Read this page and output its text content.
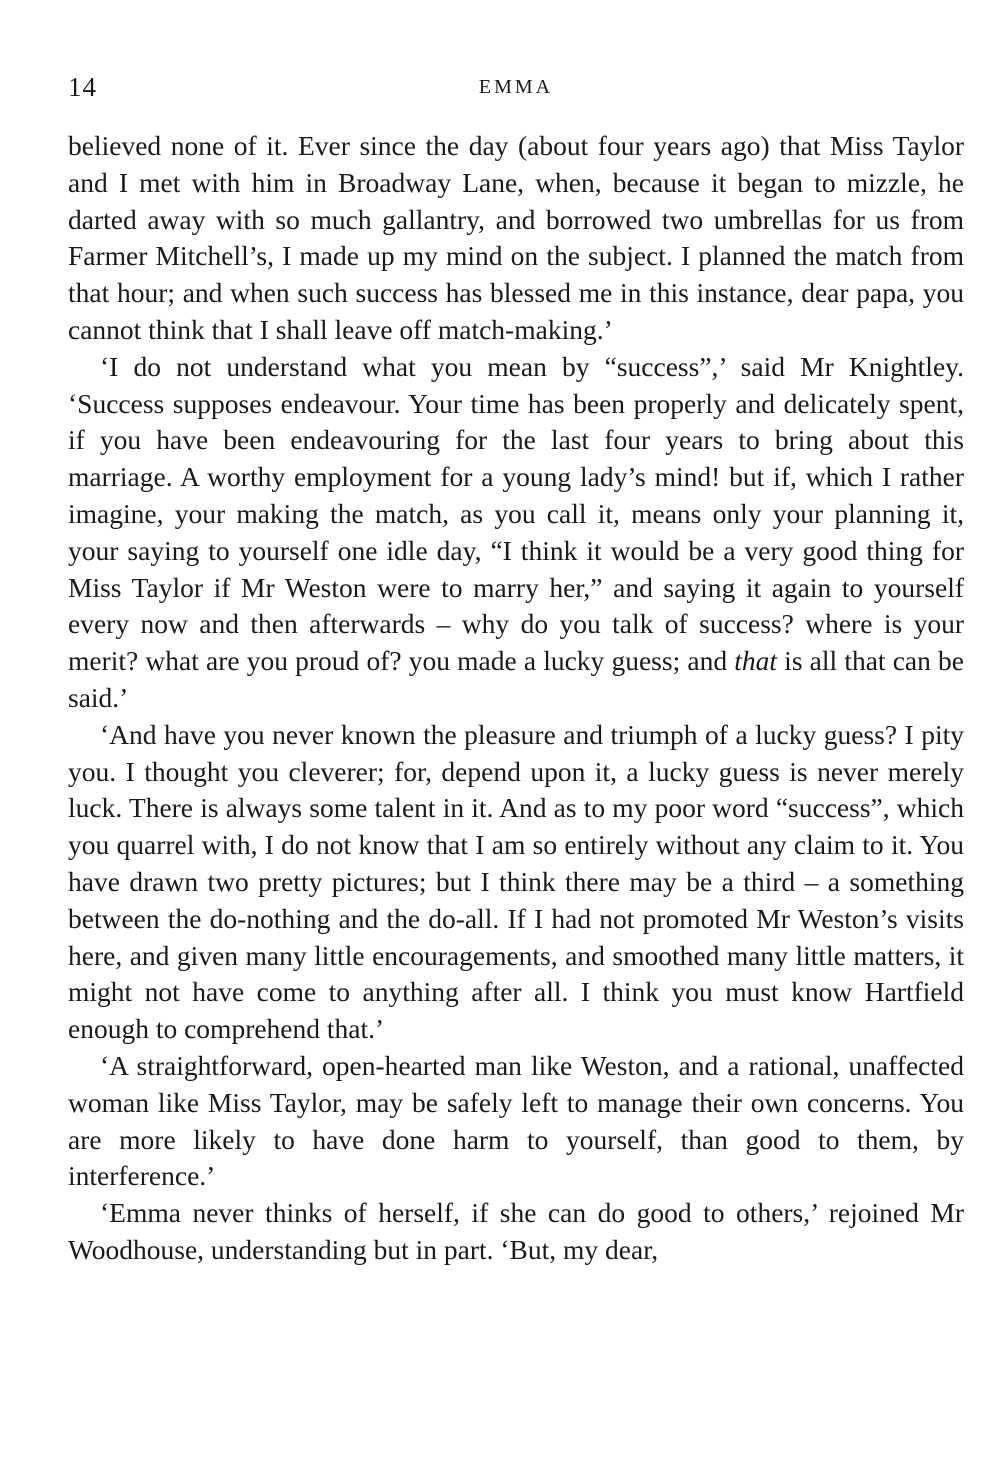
14	EMMA

believed none of it. Ever since the day (about four years ago) that Miss Taylor and I met with him in Broadway Lane, when, because it began to mizzle, he darted away with so much gallantry, and borrowed two umbrellas for us from Farmer Mitchell’s, I made up my mind on the subject. I planned the match from that hour; and when such success has blessed me in this instance, dear papa, you cannot think that I shall leave off match-making.’

‘I do not understand what you mean by “success”,’ said Mr Knightley. ‘Success supposes endeavour. Your time has been properly and delicately spent, if you have been endeavouring for the last four years to bring about this marriage. A worthy employment for a young lady’s mind! but if, which I rather imagine, your making the match, as you call it, means only your planning it, your saying to yourself one idle day, “I think it would be a very good thing for Miss Taylor if Mr Weston were to marry her,” and saying it again to yourself every now and then afterwards – why do you talk of success? where is your merit? what are you proud of? you made a lucky guess; and that is all that can be said.’

‘And have you never known the pleasure and triumph of a lucky guess? I pity you. I thought you cleverer; for, depend upon it, a lucky guess is never merely luck. There is always some talent in it. And as to my poor word “success”, which you quarrel with, I do not know that I am so entirely without any claim to it. You have drawn two pretty pictures; but I think there may be a third – a something between the do-nothing and the do-all. If I had not promoted Mr Weston’s visits here, and given many little encouragements, and smoothed many little matters, it might not have come to anything after all. I think you must know Hartfield enough to comprehend that.’

‘A straightforward, open-hearted man like Weston, and a rational, unaffected woman like Miss Taylor, may be safely left to manage their own concerns. You are more likely to have done harm to yourself, than good to them, by interference.’

‘Emma never thinks of herself, if she can do good to others,’ rejoined Mr Woodhouse, understanding but in part. ‘But, my dear,
